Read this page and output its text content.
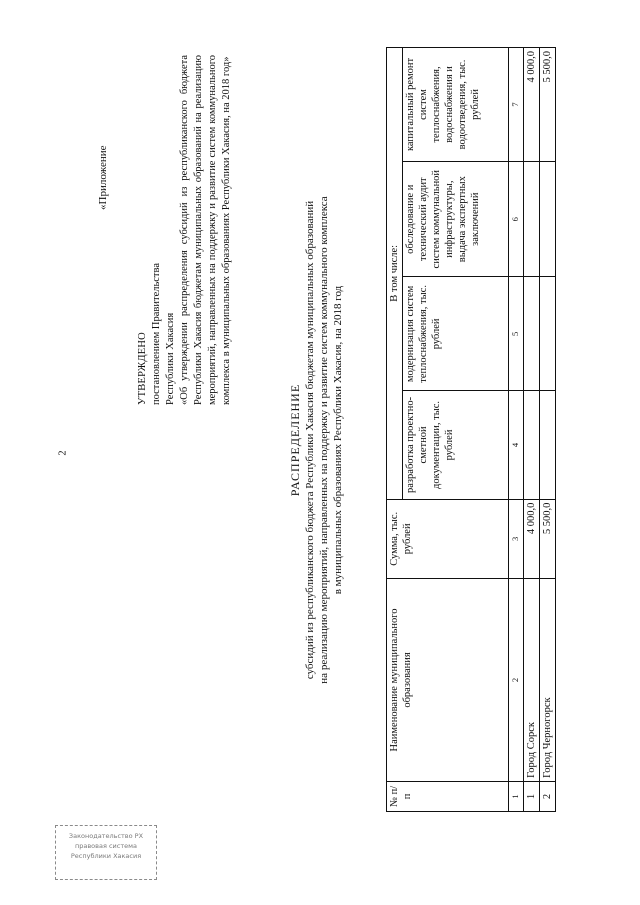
2
«Приложение
УТВЕРЖДЕНО постановлением Правительства Республики Хакасия «Об утверждении распределения субсидий из республиканского бюджета Республики Хакасия бюджетам муниципальных образований на реализацию мероприятий, направленных на поддержку и развитие систем коммунального комплекса в муниципальных образованиях Республики Хакасия, на 2018 год»
РАСПРЕДЕЛЕНИЕ субсидий из республиканского бюджета Республики Хакасия бюджетам муниципальных образований на реализацию мероприятий, направленных на поддержку и развитие систем коммунального комплекса в муниципальных образованиях Республики Хакасия, на 2018 год
№ п/п	Наименование муниципального образования	Сумма, тыс. рублей	В том числе:			
			разработка проектно-сметной документации, тыс. рублей	модернизация систем теплоснабжения, тыс. рублей	обследование и технический аудит систем коммунальной инфраструктуры, выдача экспертных заключений	капитальный ремонт систем теплоснабжения, водоснабжения и водоотведения, тыс. рублей
1	2	3	4	5	6	7
1	Город Сорск	4 000,0				4 000,0
2	Город Черногорск	5 500,0				5 500,0
Законодательство РХ
правовая система
Республики Хакасия
